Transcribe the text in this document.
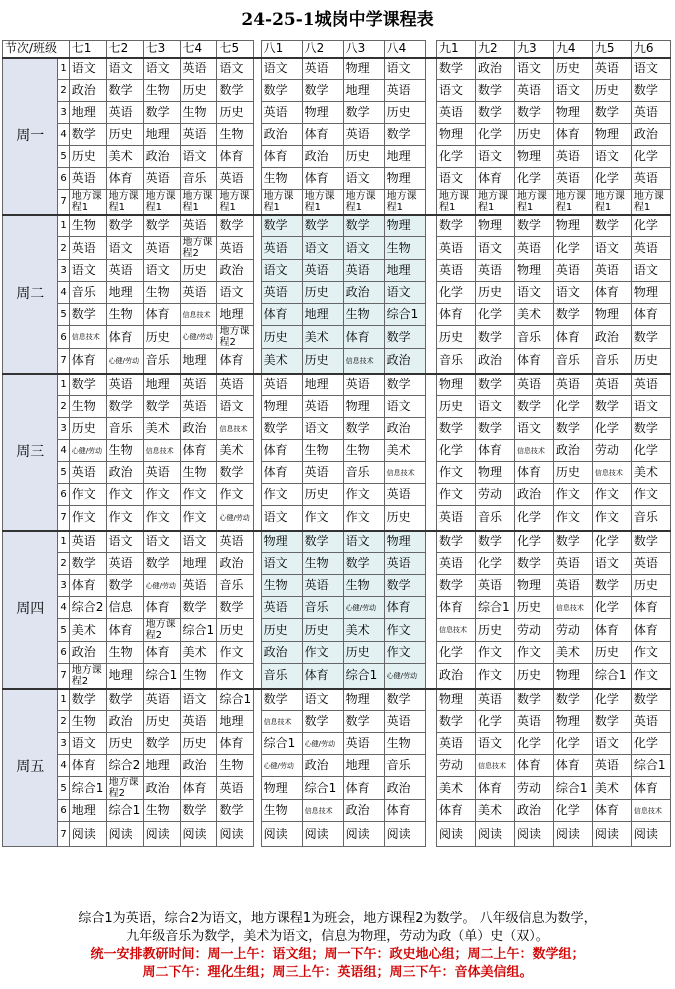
24-25-1城岗中学课程表
节次/班级		七1	七2	七3	七4	七5		八1	八2	八3	八4		九1	九2	九3	九4	九5	九6
周一	1	语文	语文	语文	英语	语文		语文	英语	物理	语文		数学	政治	语文	历史	英语	语文
	2	政治	数学	生物	历史	数学		数学	数学	地理	英语		语文	数学	英语	语文	历史	数学
	3	地理	英语	数学	生物	历史		英语	物理	数学	历史		英语	数学	数学	物理	数学	英语
	4	数学	历史	地理	英语	生物		政治	体育	英语	数学		物理	化学	历史	体育	物理	政治
	5	历史	美术	政治	语文	体育		体育	政治	历史	地理		化学	语文	物理	英语	语文	化学
	6	英语	体育	英语	音乐	英语		生物	体育	语文	物理		语文	体育	化学	英语	化学	英语
	7	地方课程1	地方课程1	地方课程1	地方课程1	地方课程1		地方课程1	地方课程1	地方课程1	地方课程1		地方课程1	地方课程1	地方课程1	地方课程1	地方课程1	地方课程1
周二	1	生物	数学	数学	英语	数学		数学	数学	数学	物理		数学	物理	数学	物理	数学	化学
	2	英语	语文	英语	地方课程2	英语		英语	语文	语文	生物		英语	语文	英语	化学	语文	英语
	3	语文	英语	语文	历史	政治		语文	英语	英语	地理		英语	英语	物理	英语	英语	语文
	4	音乐	地理	生物	英语	语文		英语	历史	政治	语文		化学	历史	语文	语文	体育	物理
	5	数学	生物	体育	信息技术	地理		体育	地理	生物	综合1		体育	化学	美术	数学	物理	体育
	6	信息技术	体育	历史	心健/劳动	地方课程2		历史	美术	体育	数学		历史	数学	音乐	体育	政治	数学
	7	体育	心健/劳动	音乐	地理	体育		美术	历史	信息技术	政治		音乐	政治	体育	音乐	音乐	历史
周三	1	数学	英语	地理	英语	英语		英语	地理	英语	数学		物理	数学	英语	英语	英语	英语
	2	生物	数学	数学	英语	语文		物理	英语	物理	语文		历史	语文	数学	化学	数学	语文
	3	历史	音乐	美术	政治	信息技术		数学	语文	数学	政治		数学	数学	语文	数学	化学	数学
	4	心健/劳动	生物	信息技术	体育	美术		体育	生物	生物	美术		化学	体育	信息技术	政治	劳动	化学
	5	英语	政治	英语	生物	数学		体育	英语	音乐	信息技术		作文	物理	体育	历史	信息技术	美术
	6	作文	作文	作文	作文	作文		作文	历史	作文	英语		作文	劳动	政治	作文	作文	作文
	7	作文	作文	作文	作文	心健/劳动		语文	作文	作文	历史		英语	音乐	化学	作文	作文	音乐
周四	1	英语	语文	语文	语文	英语		物理	数学	语文	物理		数学	数学	化学	数学	化学	数学
	2	数学	英语	数学	地理	政治		语文	生物	数学	英语		英语	化学	数学	英语	语文	英语
	3	体育	数学	心健/劳动	英语	音乐		生物	英语	生物	数学		数学	英语	物理	英语	数学	历史
	4	综合2	信息	体育	数学	数学		英语	音乐	心健/劳动	体育		体育	综合1	历史	信息技术	化学	体育
	5	美术	体育	地方课程2	综合1	历史		历史	历史	美术	作文		信息技术	历史	劳动	劳动	体育	体育
	6	政治	生物	体育	美术	作文		政治	作文	历史	作文		化学	作文	作文	美术	历史	作文
	7	地方课程2	地理	综合1	生物	作文		音乐	体育	综合1	心健/劳动		政治	作文	历史	物理	综合1	作文
周五	1	数学	数学	英语	语文	综合1		数学	语文	物理	数学		物理	英语	数学	数学	化学	数学
	2	生物	政治	历史	英语	地理		信息技术	数学	数学	英语		数学	化学	英语	物理	数学	英语
	3	语文	历史	数学	历史	体育		综合1	心健/劳动	英语	生物		英语	语文	化学	化学	语文	化学
	4	体育	综合2	地理	政治	生物		心健/劳动	政治	地理	音乐		劳动	信息技术	体育	体育	英语	综合1
	5	综合1	地方课程2	政治	体育	英语		物理	综合1	体育	政治		美术	体育	劳动	综合1	美术	体育
	6	地理	综合1	生物	数学	数学		生物	信息技术	政治	体育		体育	美术	政治	化学	体育	信息技术
	7	阅读	阅读	阅读	阅读	阅读		阅读	阅读	阅读	阅读		阅读	阅读	阅读	阅读	阅读	阅读

综合1为英语，综合2为语文，地方课程1为班会，地方课程2为数学。 八年级信息为数学，

九年级音乐为数学，美术为语文，信息为物理，劳动为政（单）史（双）。

统一安排教研时间：周一上午：语文组；周一下午：政史地心组；周二上午：数学组；

周二下午：理化生组；周三上午：英语组；周三下午：音体美信组。
